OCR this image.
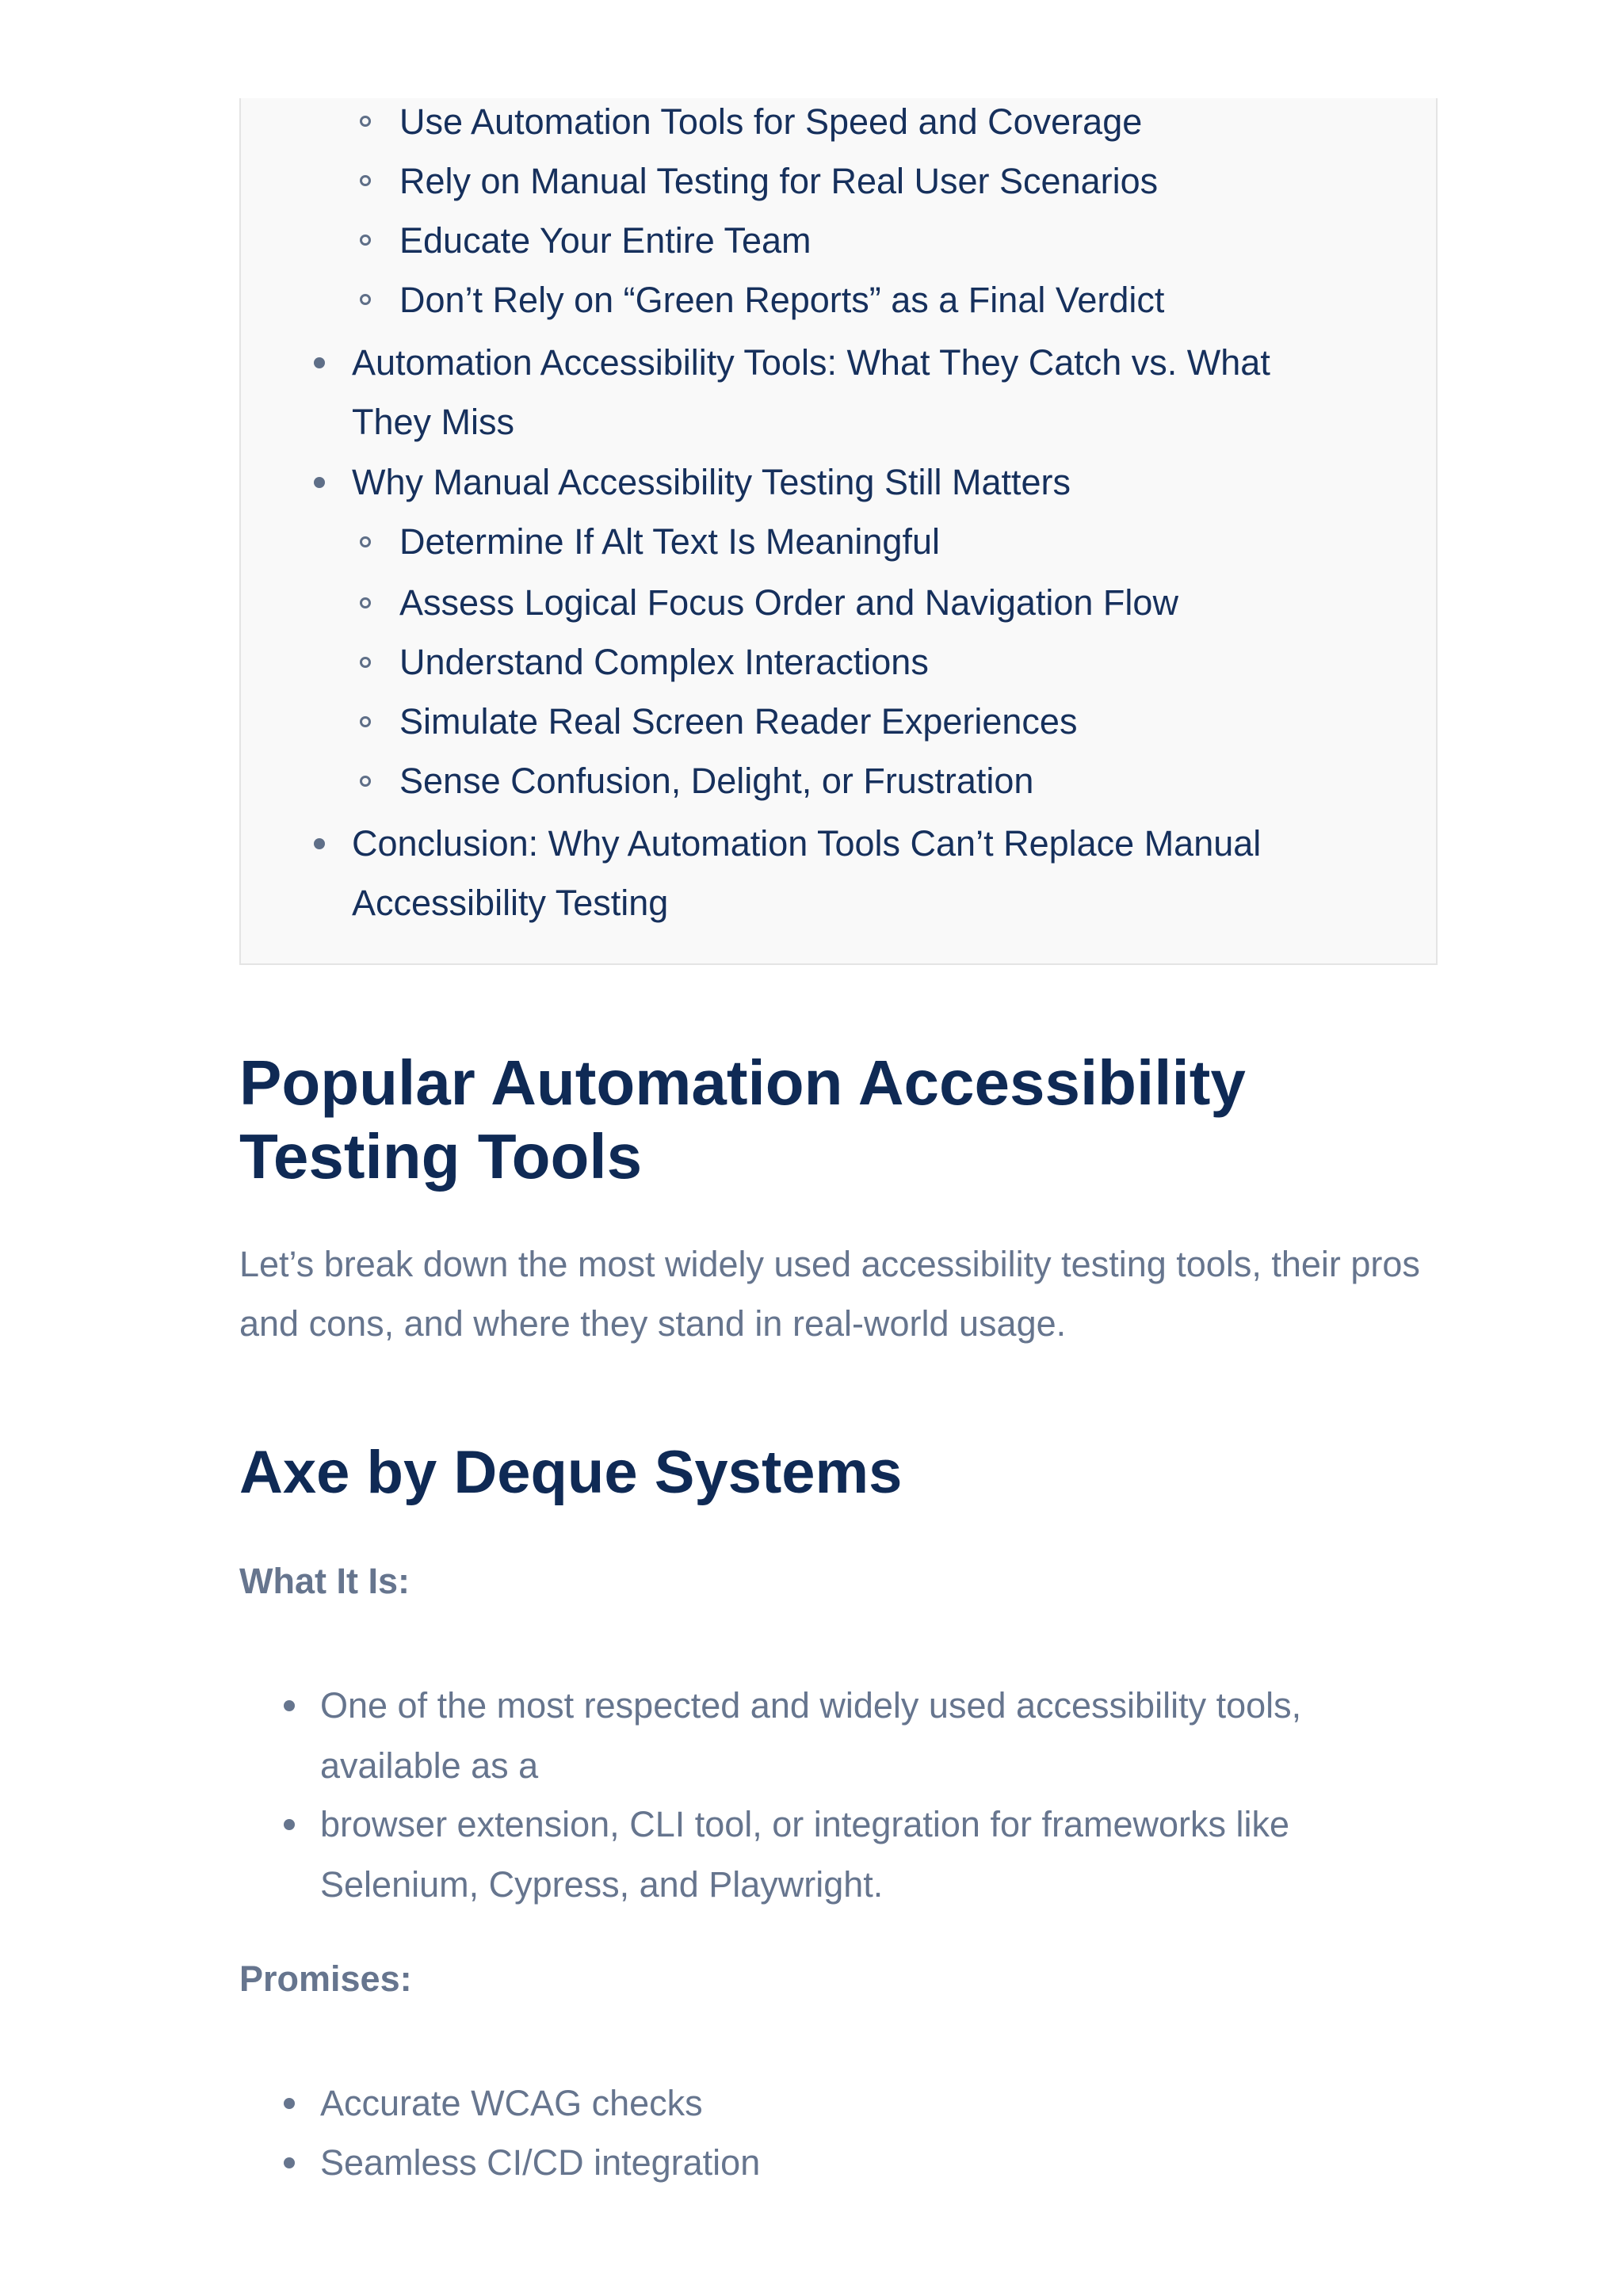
Use Automation Tools for Speed and Coverage
Rely on Manual Testing for Real User Scenarios
Educate Your Entire Team
Don’t Rely on “Green Reports” as a Final Verdict
Automation Accessibility Tools: What They Catch vs. What They Miss
Why Manual Accessibility Testing Still Matters
Determine If Alt Text Is Meaningful
Assess Logical Focus Order and Navigation Flow
Understand Complex Interactions
Simulate Real Screen Reader Experiences
Sense Confusion, Delight, or Frustration
Conclusion: Why Automation Tools Can’t Replace Manual Accessibility Testing
Popular Automation Accessibility Testing Tools

Let’s break down the most widely used accessibility testing tools, their pros and cons, and where they stand in real-world usage.

Axe by Deque Systems

What It Is:

One of the most respected and widely used accessibility tools, available as a
browser extension, CLI tool, or integration for frameworks like Selenium, Cypress, and Playwright.

Promises:

Accurate WCAG checks
Seamless CI/CD integration
